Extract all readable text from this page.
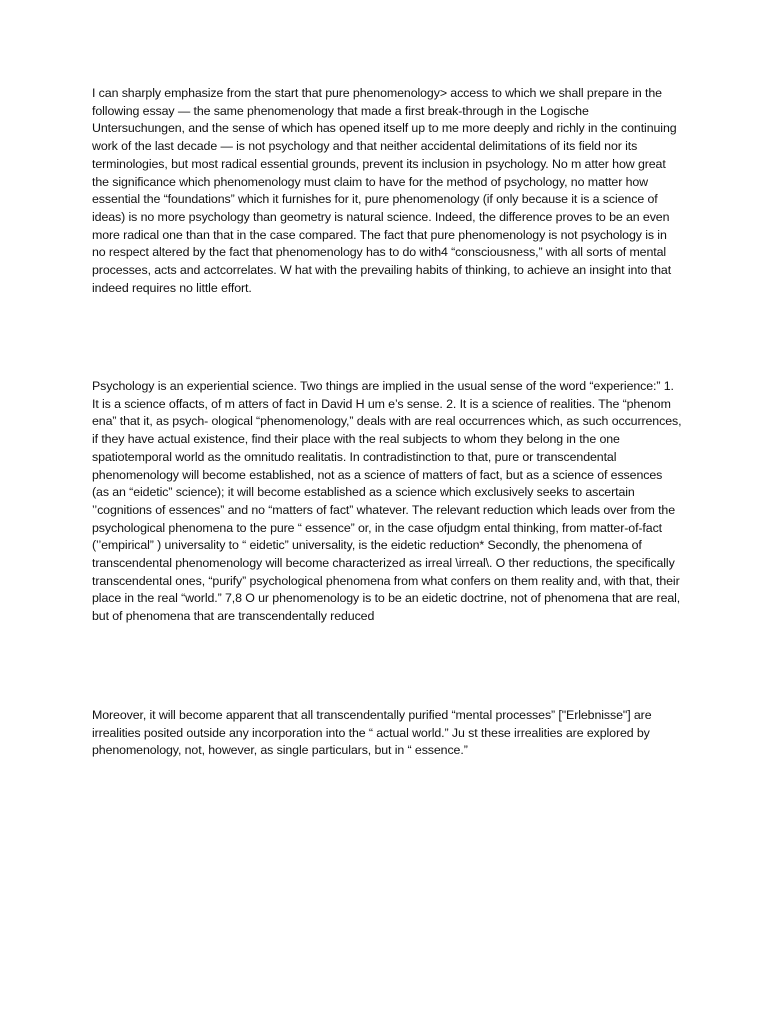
I can sharply emphasize from the start that pure phenomenology> access to which we shall prepare in the following essay — the same phenomenology that made a first break-through in the Logische Untersuchungen, and the sense of which has opened itself up to me more deeply and richly in the continuing work of the last decade — is not psychology and that neither accidental delimitations of its field nor its terminologies, but most radical essential grounds, prevent its inclusion in psychology. No m atter how great the significance which phenomenology must claim to have for the method of psychology, no matter how essential the “foundations” which it furnishes for it, pure phenomenology (if only because it is a science of ideas) is no more psychology than geometry is natural science. Indeed, the difference proves to be an even more radical one than that in the case compared. The fact that pure phenomenology is not psychology is in no respect altered by the fact that phenomenology has to do with4 “consciousness,” with all sorts of mental processes, acts and actcorrelates. W hat with the prevailing habits of thinking, to achieve an insight into that indeed requires no little effort.

Psychology is an experiential science. Two things are implied in the usual sense of the word “experience:” 1. It is a science offacts, of m atters of fact in David H um e’s sense. 2. It is a science of realities. The “phenom ena” that it, as psych- ological “phenomenology,” deals with are real occurrences which, as such occurrences, if they have actual existence, find their place with the real subjects to whom they belong in the one spatiotemporal world as the omnitudo realitatis. In contradistinction to that, pure or transcendental phenomenology will become established, not as a science of matters of fact, but as a science of essences (as an “eidetic” science); it will become established as a science which exclusively seeks to ascertain ’’cognitions of essences” and no “matters of fact” whatever. The relevant reduction which leads over from the psychological phenomena to the pure “ essence” or, in the case ofjudgm ental thinking, from matter-of-fact (’’empirical” ) universality to “ eidetic” universality, is the eidetic reduction* Secondly, the phenomena of transcendental phenomenology will become characterized as irreal \irreal\. O ther reductions, the specifically transcendental ones, “purify” psychological phenomena from what confers on them reality and, with that, their place in the real “world.” 7,8 O ur phenomenology is to be an eidetic doctrine, not of phenomena that are real, but of phenomena that are transcendentally reduced

Moreover, it will become apparent that all transcendentally purified “mental processes” ["Erlebnisse"] are irrealities posited outside any incorporation into the “ actual world.” Ju st these irrealities are explored by phenomenology, not, however, as single particulars, but in “ essence.”
